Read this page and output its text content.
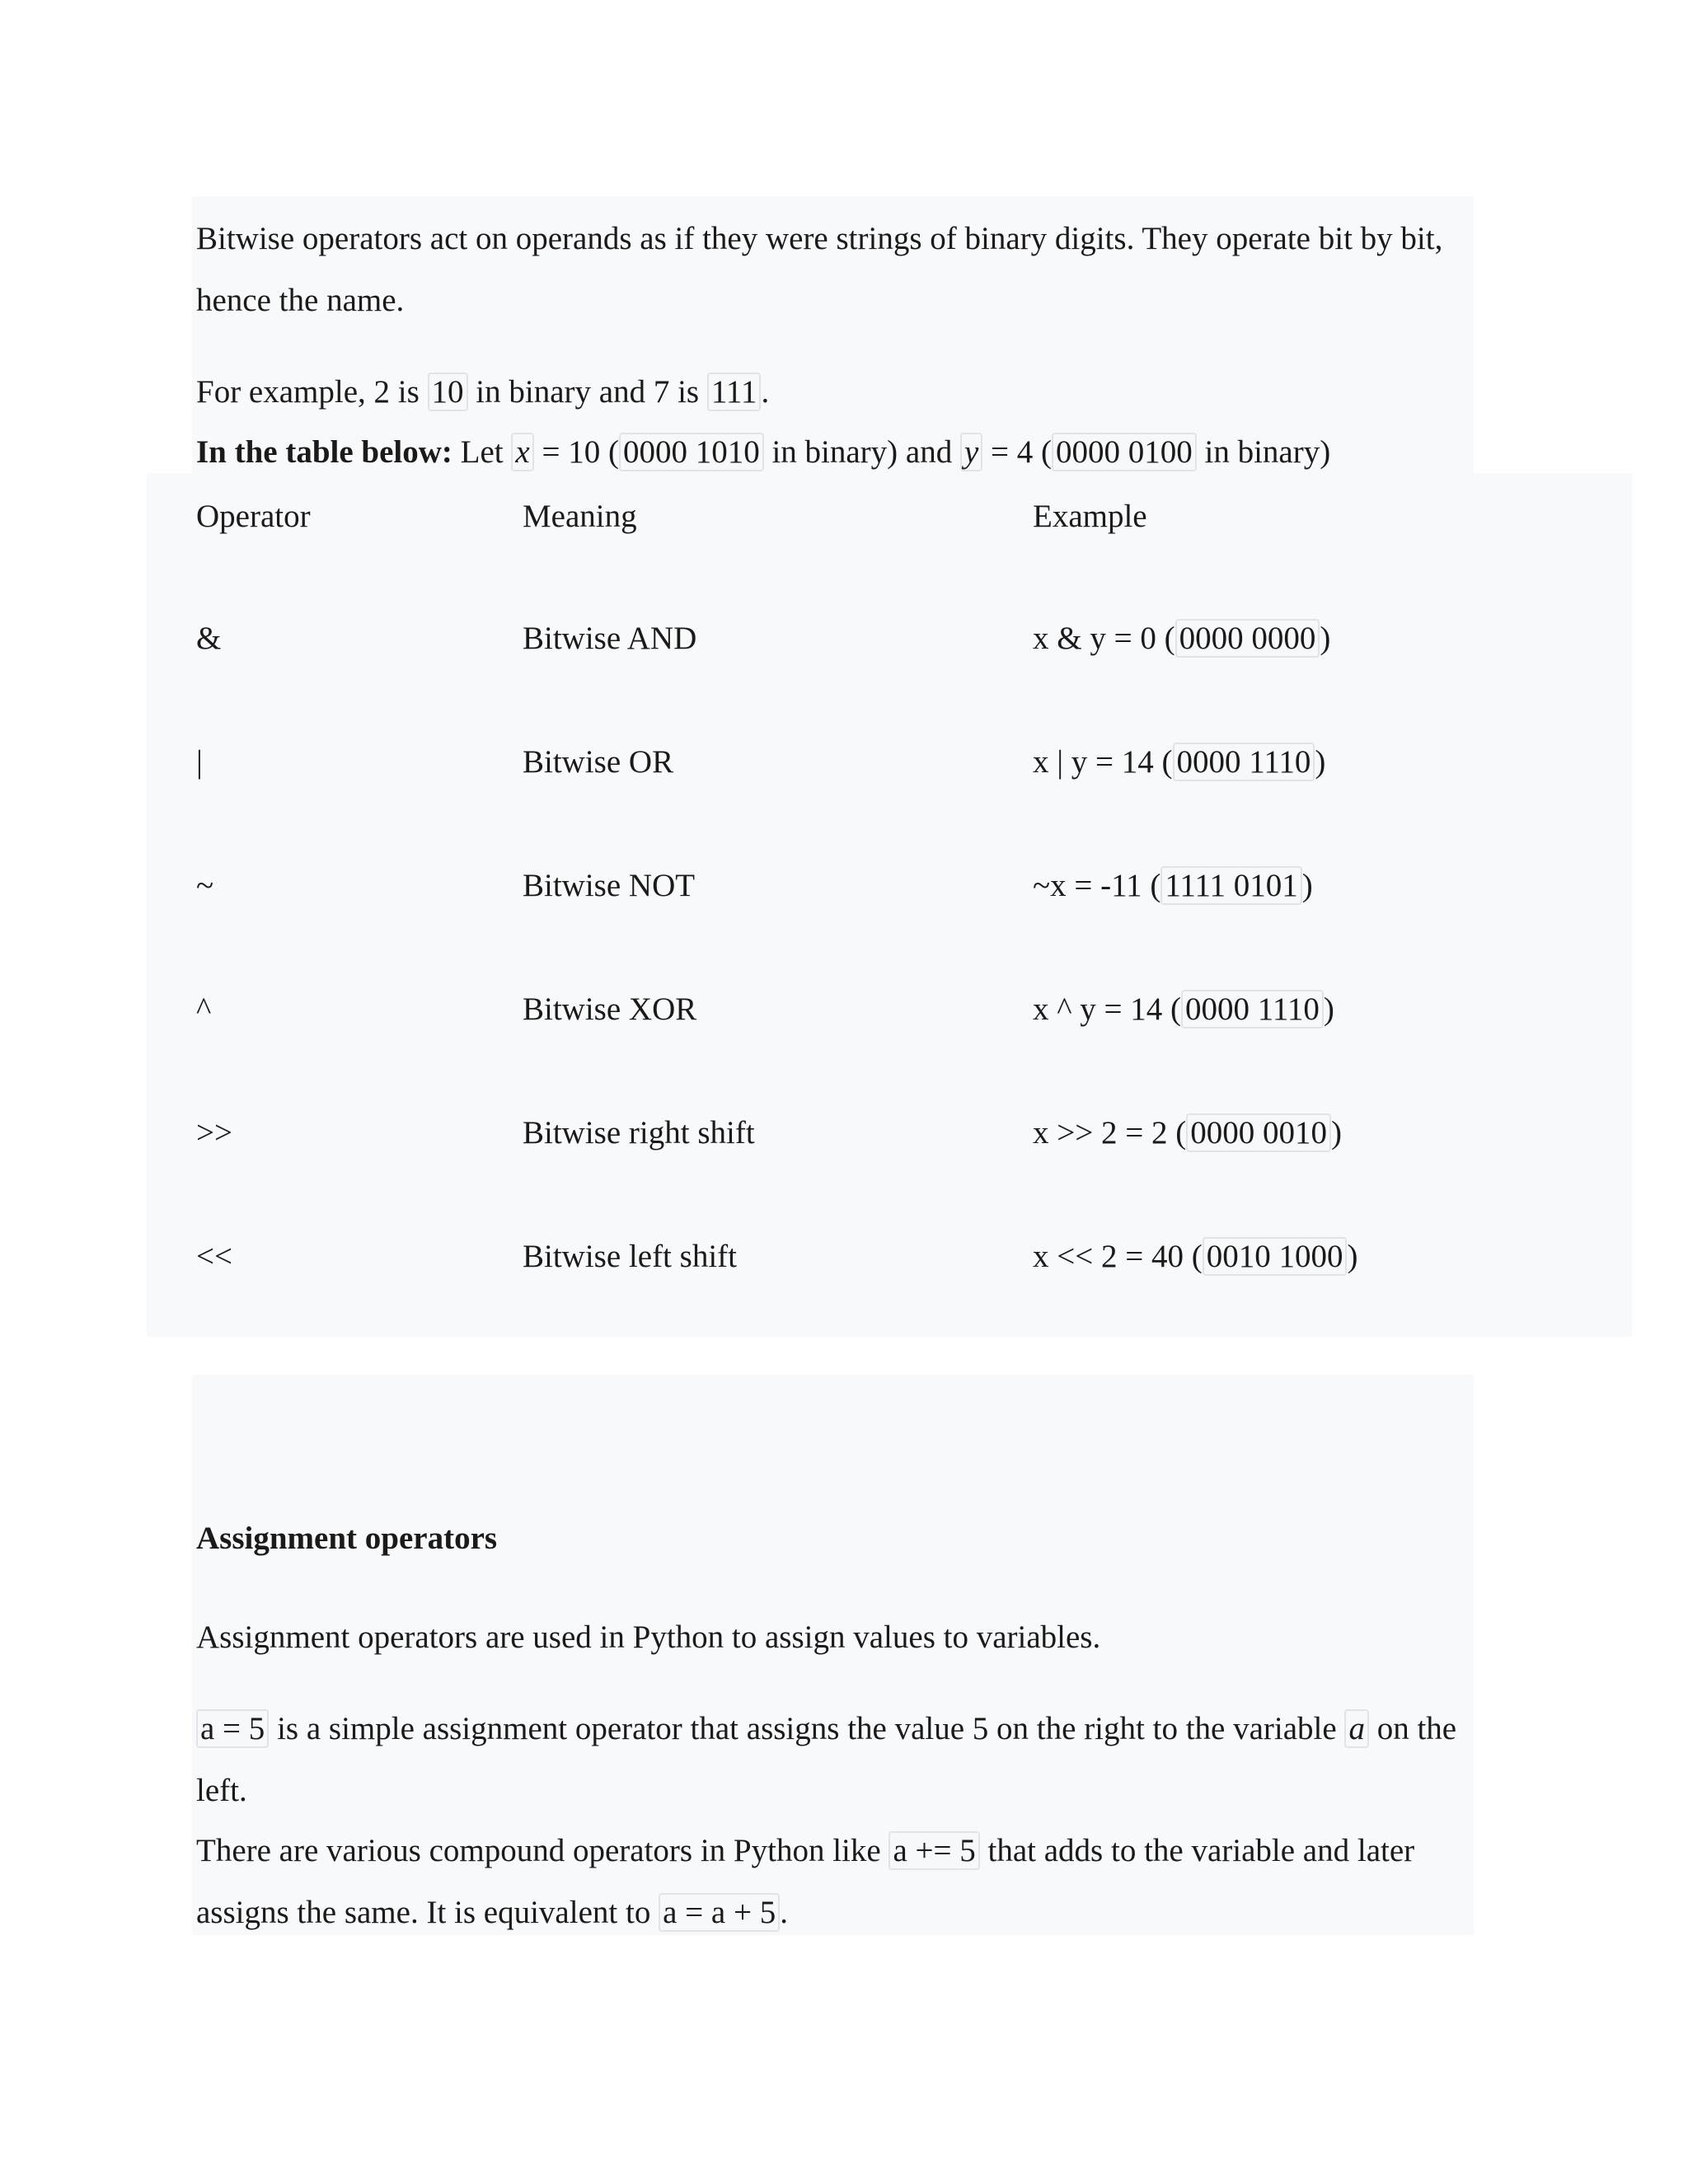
Bitwise operators act on operands as if they were strings of binary digits. They operate bit by bit,
hence the name.
For example, 2 is 10 in binary and 7 is 111 .
In the table below: Let x = 10 ( 0000 1010 in binary) and y = 4 ( 0000 0100 in binary)
Operator	Meaning	Example
&	Bitwise AND	x & y = 0 ( 0000 0000 )
|	Bitwise OR	x | y = 14 ( 0000 1110 )
~	Bitwise NOT	~x = -11 ( 1111 0101 )
^	Bitwise XOR	x ^ y = 14 ( 0000 1110 )
>>	Bitwise right shift	x >> 2 = 2 ( 0000 0010 )
<<	Bitwise left shift	x << 2 = 40 ( 0010 1000 )
Assignment operators
Assignment operators are used in Python to assign values to variables.
a = 5 is a simple assignment operator that assigns the value 5 on the right to the variable a on the
left.
There are various compound operators in Python like a += 5 that adds to the variable and later
assigns the same. It is equivalent to a = a + 5 .
